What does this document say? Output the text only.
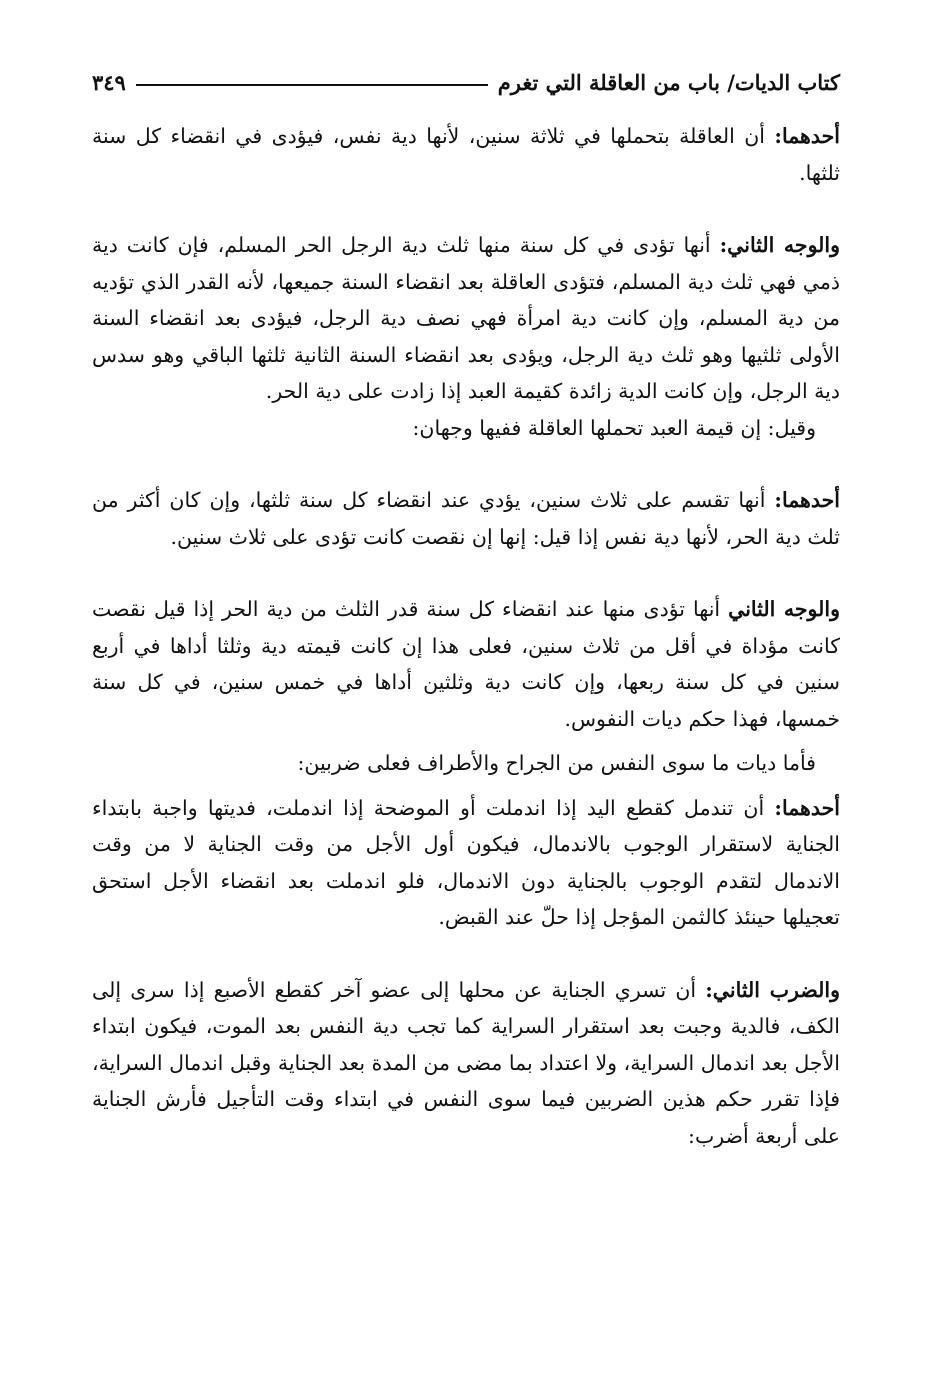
كتاب الديات/ باب من العاقلة التي تغرم
٣٤٩

أحدهما: أن العاقلة بتحملها في ثلاثة سنين، لأنها دية نفس، فيؤدى في انقضاء كل سنة ثلثها.

والوجه الثاني: أنها تؤدى في كل سنة منها ثلث دية الرجل الحر المسلم، فإن كانت دية ذمي فهي ثلث دية المسلم، فتؤدى العاقلة بعد انقضاء السنة جميعها، لأنه القدر الذي تؤديه من دية المسلم، وإن كانت دية امرأة فهي نصف دية الرجل، فيؤدى بعد انقضاء السنة الأولى ثلثيها وهو ثلث دية الرجل، ويؤدى بعد انقضاء السنة الثانية ثلثها الباقي وهو سدس دية الرجل، وإن كانت الدية زائدة كقيمة العبد إذا زادت على دية الحر.

وقيل: إن قيمة العبد تحملها العاقلة ففيها وجهان:

أحدهما: أنها تقسم على ثلاث سنين، يؤدي عند انقضاء كل سنة ثلثها، وإن كان أكثر من ثلث دية الحر، لأنها دية نفس إذا قيل: إنها إن نقصت كانت تؤدى على ثلاث سنين.

والوجه الثاني أنها تؤدى منها عند انقضاء كل سنة قدر الثلث من دية الحر إذا قيل نقصت كانت مؤداة في أقل من ثلاث سنين، فعلى هذا إن كانت قيمته دية وثلثا أداها في أربع سنين في كل سنة ربعها، وإن كانت دية وثلثين أداها في خمس سنين، في كل سنة خمسها، فهذا حكم ديات النفوس.

فأما ديات ما سوى النفس من الجراح والأطراف فعلى ضربين:

أحدهما: أن تندمل كقطع اليد إذا اندملت أو الموضحة إذا اندملت، فديتها واجبة بابتداء الجناية لاستقرار الوجوب بالاندمال، فيكون أول الأجل من وقت الجناية لا من وقت الاندمال لتقدم الوجوب بالجناية دون الاندمال، فلو اندملت بعد انقضاء الأجل استحق تعجيلها حينئذ كالثمن المؤجل إذا حلّ عند القبض.

والضرب الثاني: أن تسري الجناية عن محلها إلى عضو آخر كقطع الأصبع إذا سرى إلى الكف، فالدية وجبت بعد استقرار السراية كما تجب دية النفس بعد الموت، فيكون ابتداء الأجل بعد اندمال السراية، ولا اعتداد بما مضى من المدة بعد الجناية وقبل اندمال السراية، فإذا تقرر حكم هذين الضربين فيما سوى النفس في ابتداء وقت التأجيل فأرش الجناية على أربعة أضرب:
